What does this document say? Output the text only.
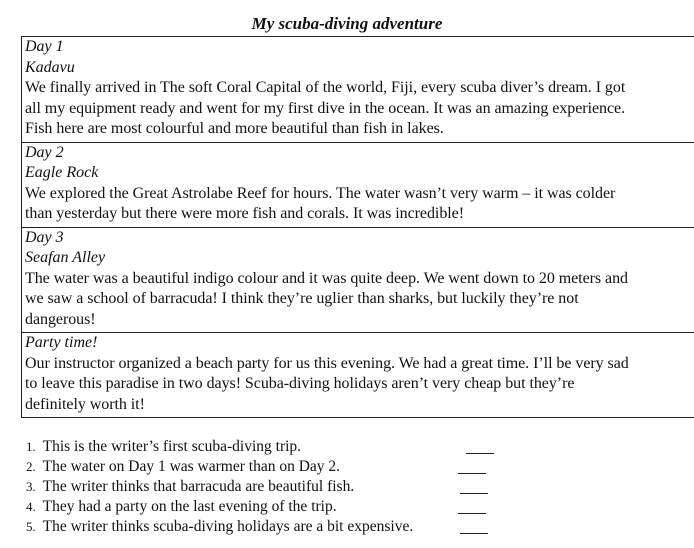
My scuba-diving adventure
Day 1
Kadavu
We finally arrived in The soft Coral Capital of the world, Fiji, every scuba diver’s dream. I got
all my equipment ready and went for my first dive in the ocean. It was an amazing experience.
Fish here are most colourful and more beautiful than fish in lakes.
Day 2
Eagle Rock
We explored the Great Astrolabe Reef for hours. The water wasn’t very warm – it was colder
than yesterday but there were more fish and corals. It was incredible!
Day 3
Seafan Alley
The water was a beautiful indigo colour and it was quite deep. We went down to 20 meters and
we saw a school of barracuda! I think they’re uglier than sharks, but luckily they’re not
dangerous!
Party time!
Our instructor organized a beach party for us this evening. We had a great time. I’ll be very sad
to leave this paradise in two days! Scuba-diving holidays aren’t very cheap but they’re
definitely worth it!
1. This is the writer’s first scuba-diving trip.
2. The water on Day 1 was warmer than on Day 2.
3. The writer thinks that barracuda are beautiful fish.
4. They had a party on the last evening of the trip.
5. The writer thinks scuba-diving holidays are a bit expensive.
